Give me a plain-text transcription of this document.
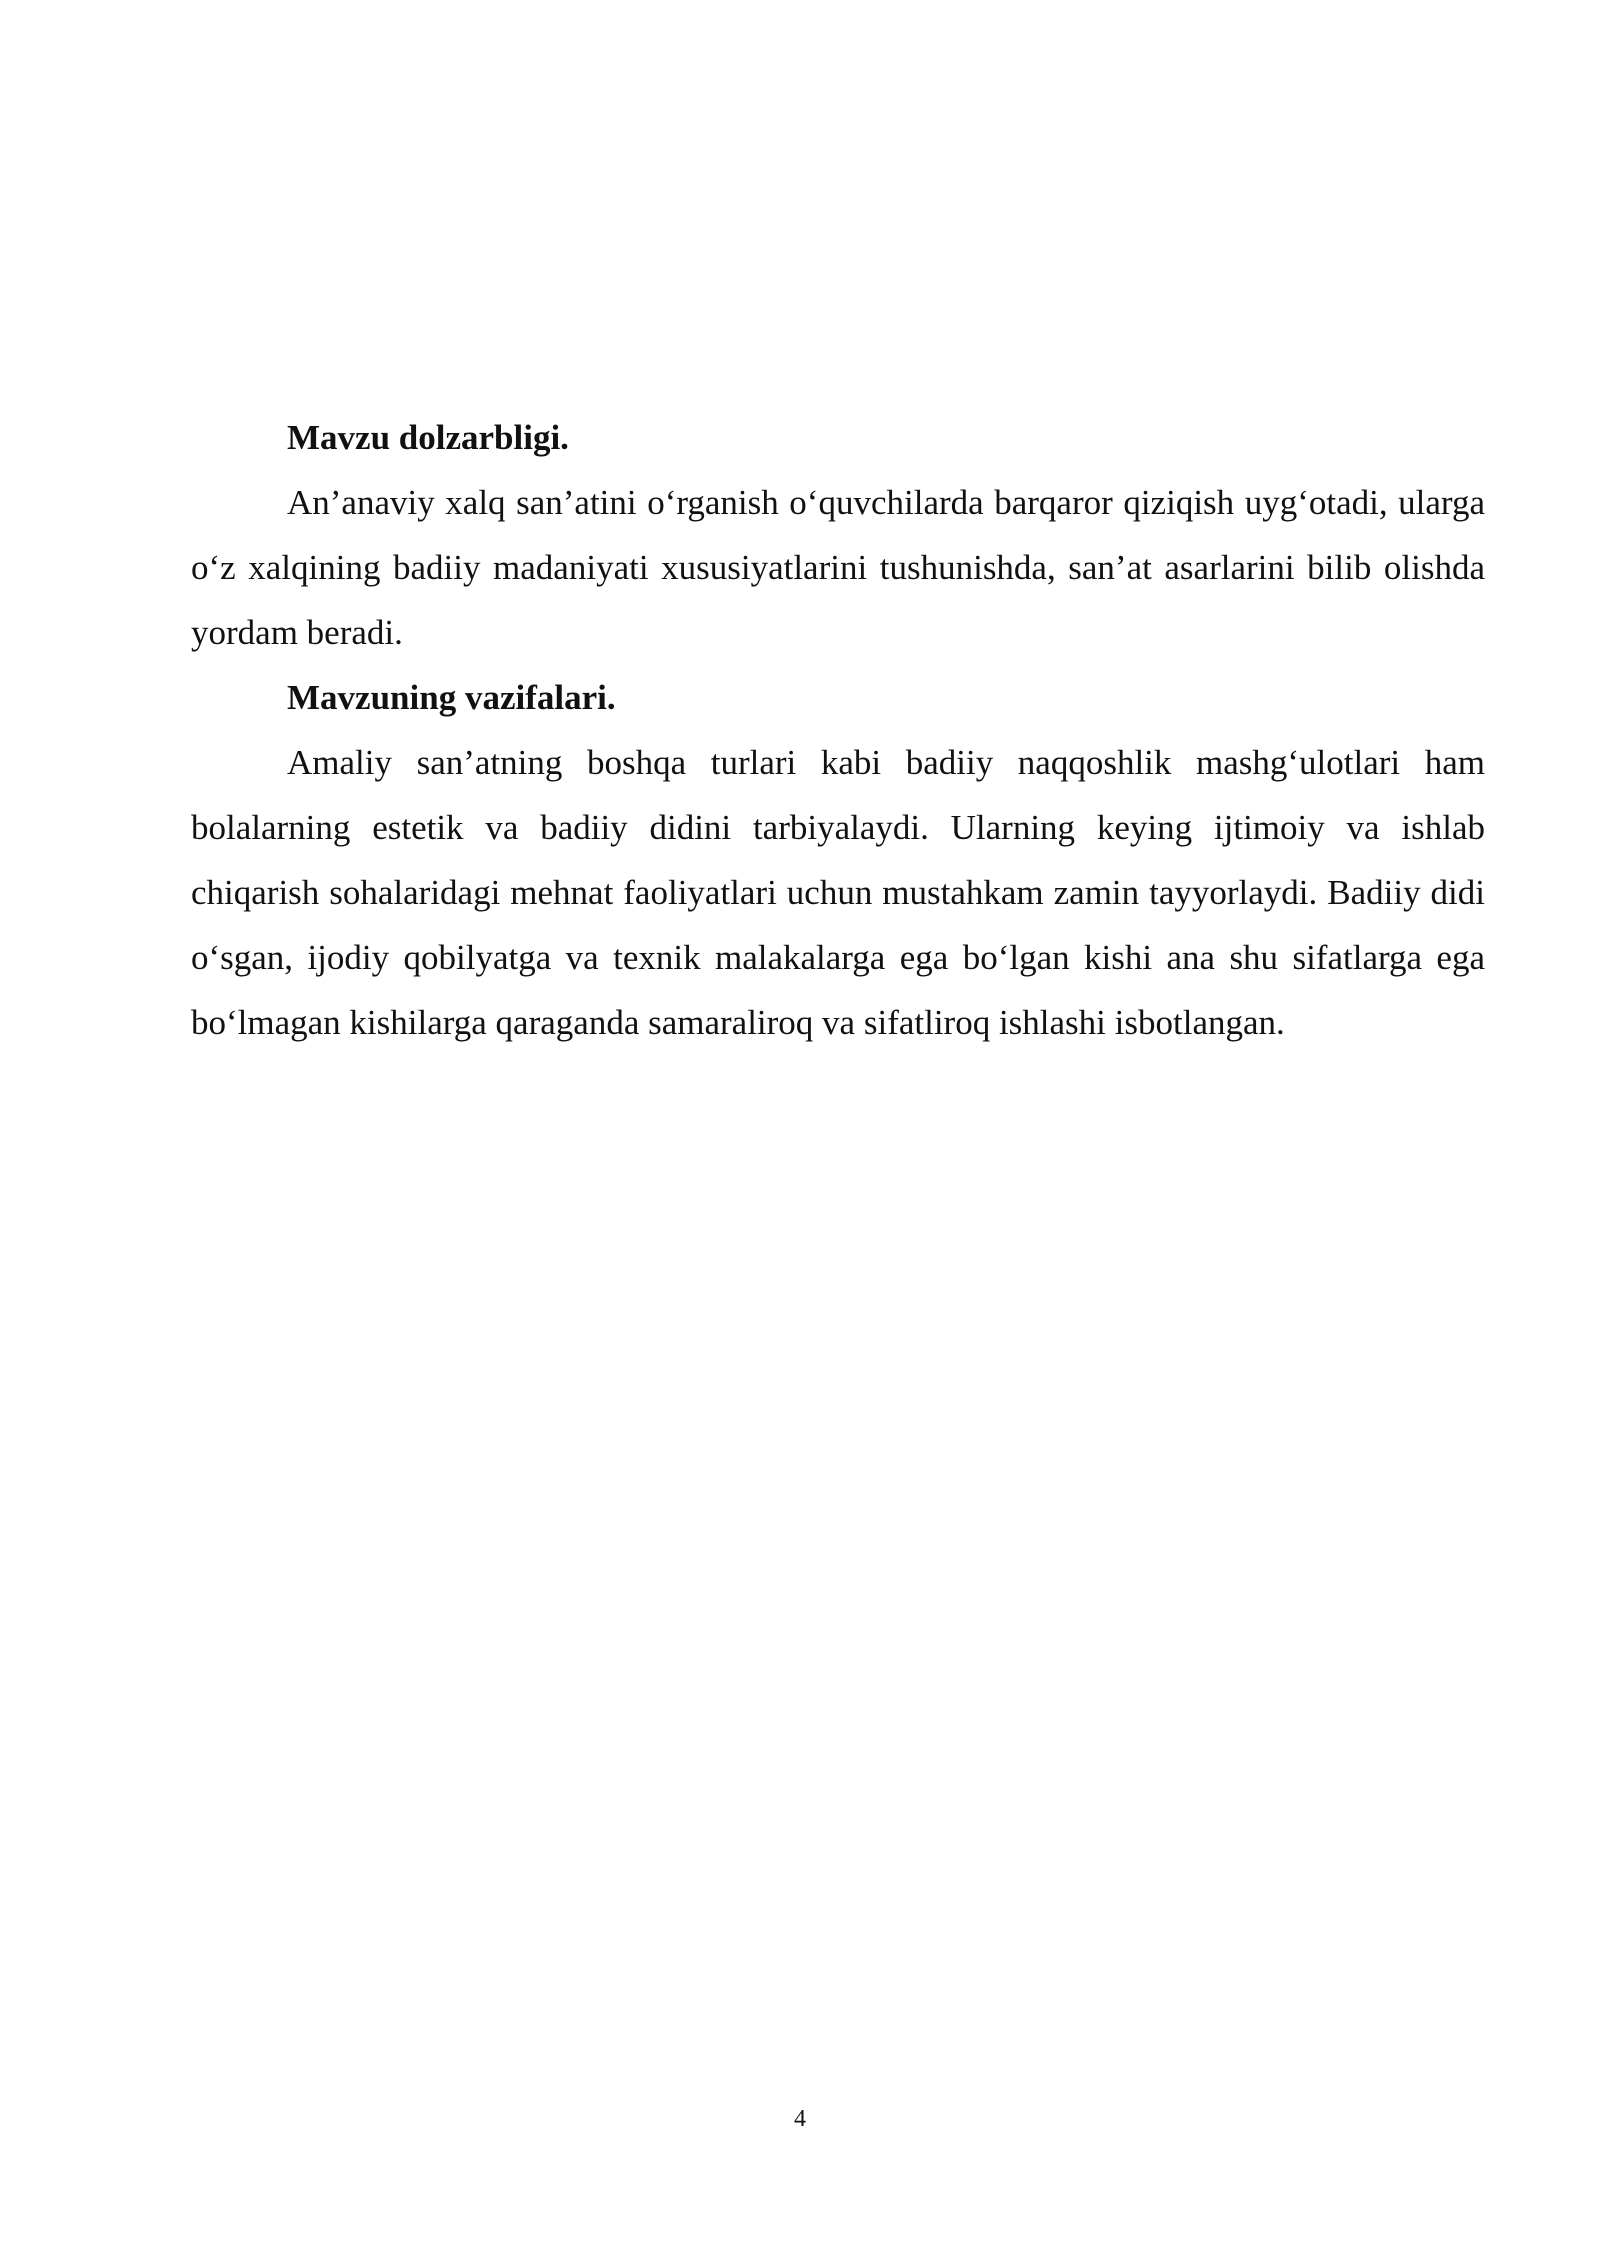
Mavzu dolzarbligi.

An’anaviy xalq san’atini o‘rganish o‘quvchilarda barqaror qiziqish uyg‘otadi, ularga o‘z xalqining badiiy madaniyati xususiyatlarini tushunishda, san’at asarlarini bilib olishda yordam beradi.

Mavzuning vazifalari.

Amaliy san’atning boshqa turlari kabi badiiy naqqoshlik mashg‘ulotlari ham bolalarning estetik va badiiy didini tarbiyalaydi. Ularning keying ijtimoiy va ishlab chiqarish sohalaridagi mehnat faoliyatlari uchun mustahkam zamin tayyorlaydi. Badiiy didi o‘sgan, ijodiy qobilyatga va texnik malakalarga ega bo‘lgan kishi ana shu sifatlarga ega bo‘lmagan kishilarga qaraganda samaraliroq va sifatliroq ishlashi isbotlangan.

4
